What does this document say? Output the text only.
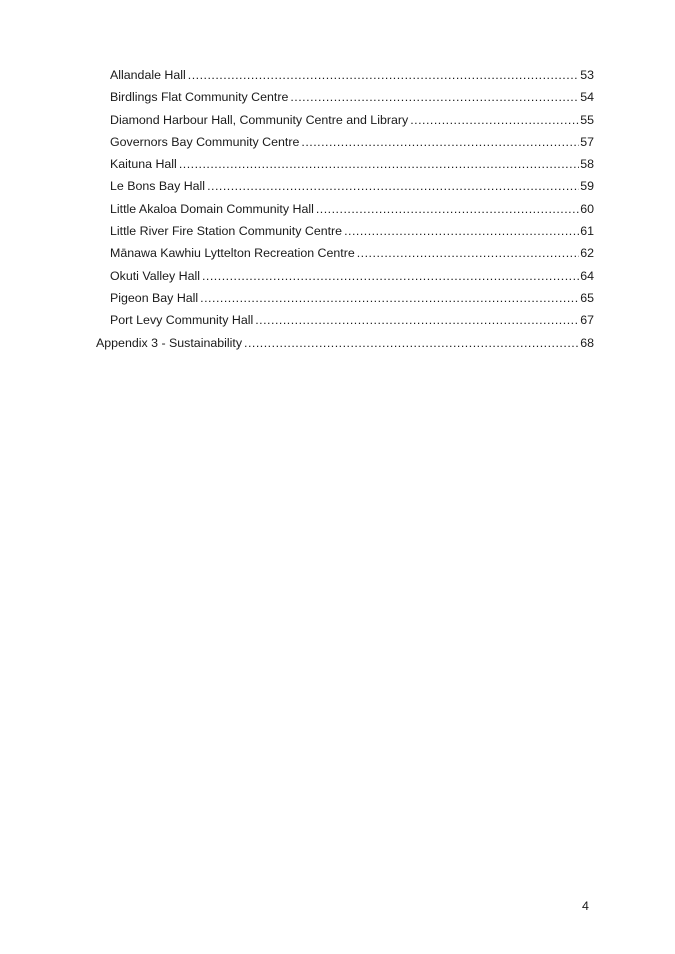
Allandale Hall .....	53
Birdlings Flat Community Centre .....	54
Diamond Harbour Hall, Community Centre and Library .....	55
Governors Bay Community Centre .....	57
Kaituna Hall .....	58
Le Bons Bay Hall .....	59
Little Akaloa Domain Community Hall .....	60
Little River Fire Station Community Centre .....	61
Mānawa Kawhiu Lyttelton Recreation Centre .....	62
Okuti Valley Hall .....	64
Pigeon Bay Hall .....	65
Port Levy Community Hall .....	67
Appendix 3 - Sustainability .....	68
4
